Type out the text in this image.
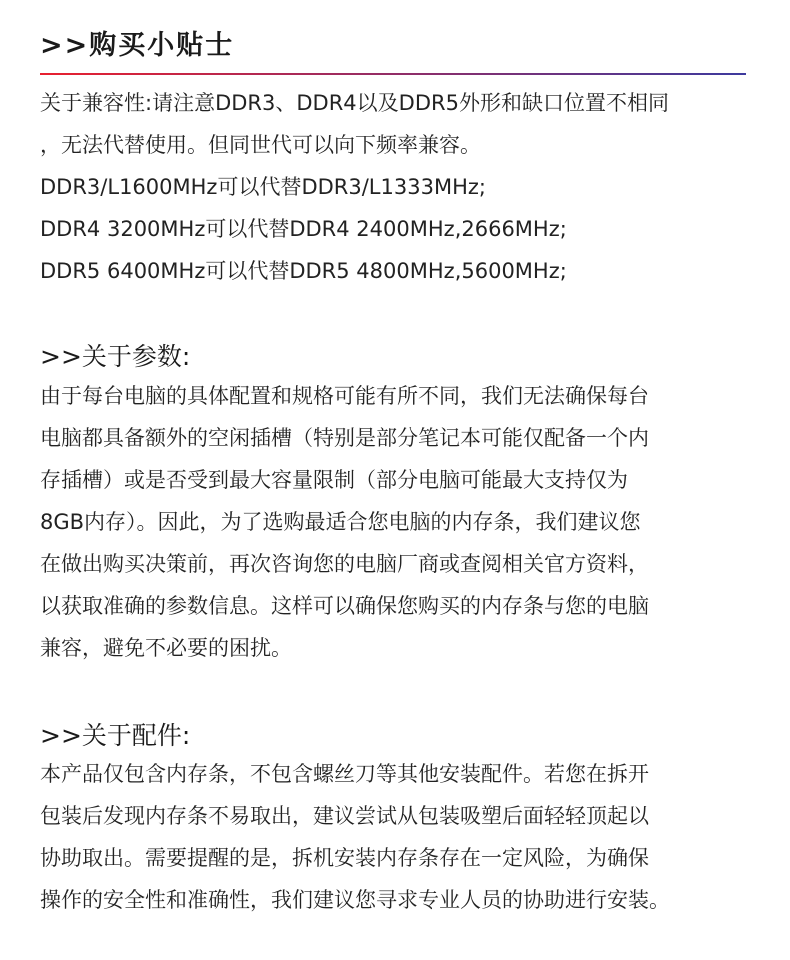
>>购买小贴士

关于兼容性:请注意DDR3、DDR4以及DDR5外形和缺口位置不相同

，无法代替使用。但同世代可以向下频率兼容。

DDR3/L1600MHz可以代替DDR3/L1333MHz;

DDR4 3200MHz可以代替DDR4 2400MHz,2666MHz;

DDR5 6400MHz可以代替DDR5 4800MHz,5600MHz;

>>关于参数:

由于每台电脑的具体配置和规格可能有所不同，我们无法确保每台

电脑都具备额外的空闲插槽（特别是部分笔记本可能仅配备一个内

存插槽）或是否受到最大容量限制（部分电脑可能最大支持仅为

8GB内存）。因此，为了选购最适合您电脑的内存条，我们建议您

在做出购买决策前，再次咨询您的电脑厂商或查阅相关官方资料，

以获取准确的参数信息。这样可以确保您购买的内存条与您的电脑

兼容，避免不必要的困扰。

>>关于配件:

本产品仅包含内存条，不包含螺丝刀等其他安装配件。若您在拆开

包装后发现内存条不易取出，建议尝试从包装吸塑后面轻轻顶起以

协助取出。需要提醒的是，拆机安装内存条存在一定风险，为确保

操作的安全性和准确性，我们建议您寻求专业人员的协助进行安装。
